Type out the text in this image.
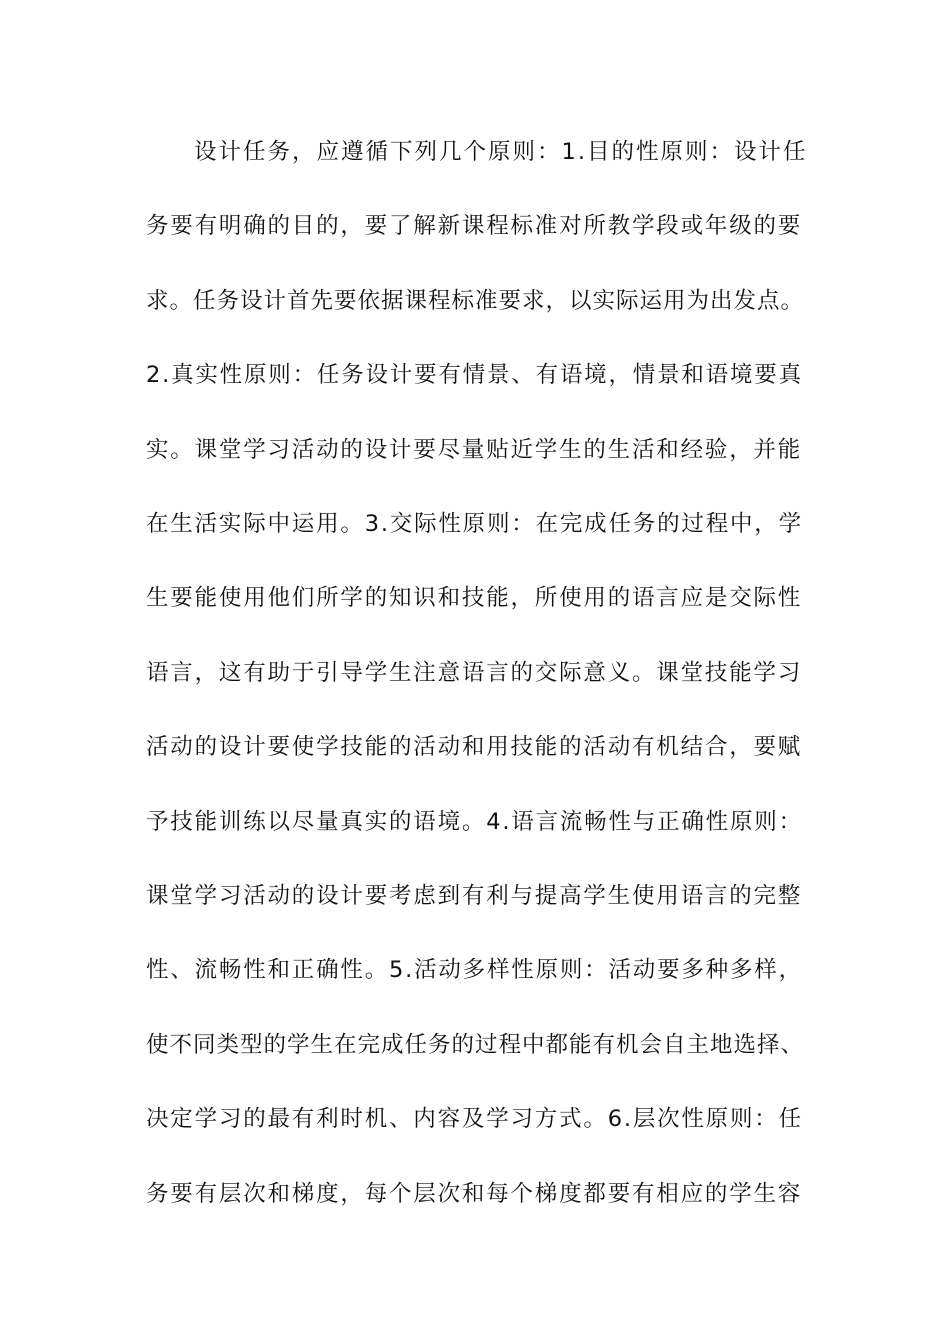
设计任务，应遵循下列几个原则：1.目的性原则：设计任
务要有明确的目的，要了解新课程标准对所教学段或年级的要
求。任务设计首先要依据课程标准要求，以实际运用为出发点。
2.真实性原则：任务设计要有情景、有语境，情景和语境要真
实。课堂学习活动的设计要尽量贴近学生的生活和经验，并能
在生活实际中运用。3.交际性原则：在完成任务的过程中，学
生要能使用他们所学的知识和技能，所使用的语言应是交际性
语言，这有助于引导学生注意语言的交际意义。课堂技能学习
活动的设计要使学技能的活动和用技能的活动有机结合，要赋
予技能训练以尽量真实的语境。4.语言流畅性与正确性原则：
课堂学习活动的设计要考虑到有利与提高学生使用语言的完整
性、流畅性和正确性。5.活动多样性原则：活动要多种多样，
使不同类型的学生在完成任务的过程中都能有机会自主地选择、
决定学习的最有利时机、内容及学习方式。6.层次性原则：任
务要有层次和梯度，每个层次和每个梯度都要有相应的学生容
